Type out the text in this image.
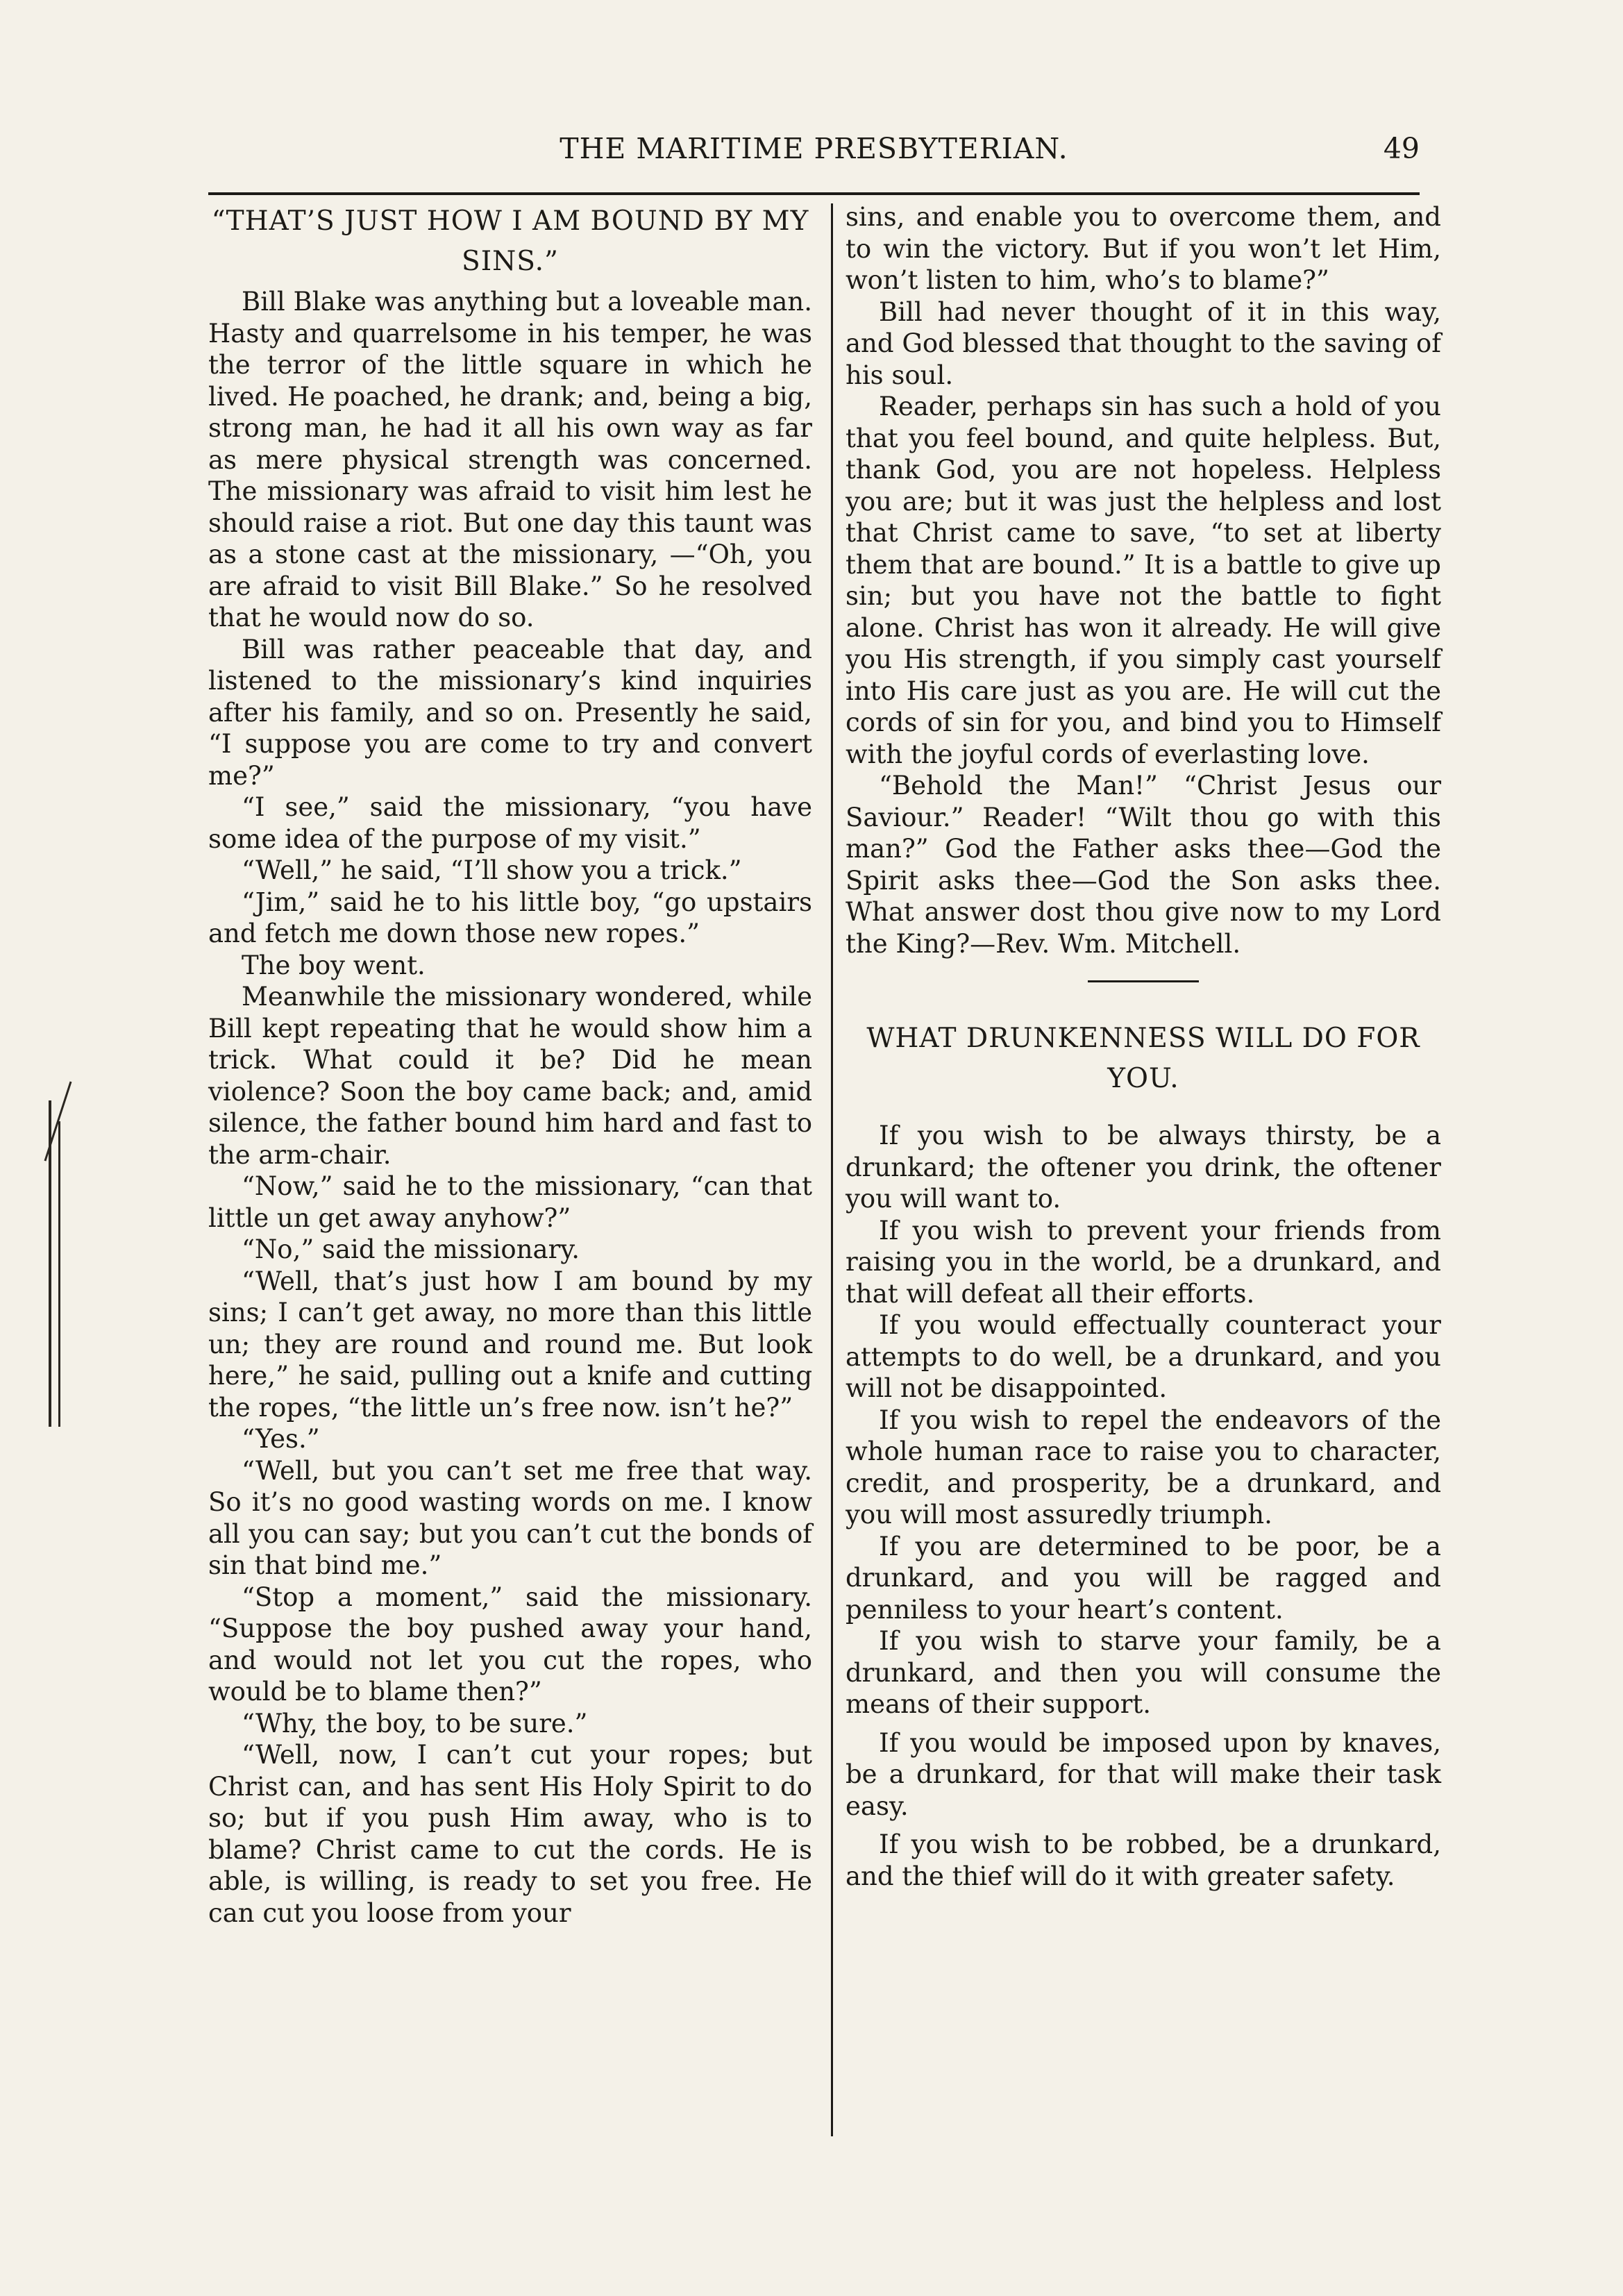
THE MARITIME PRESBYTERIAN.	49
“THAT’S JUST HOW I AM BOUND BY MY SINS.”

Bill Blake was anything but a loveable man. Hasty and quarrelsome in his temper, he was the terror of the little square in which he lived. He poached, he drank; and, being a big, strong man, he had it all his own way as far as mere physical strength was concerned. The missionary was afraid to visit him lest he should raise a riot. But one day this taunt was as a stone cast at the missionary, —“Oh, you are afraid to visit Bill Blake.” So he resolved that he would now do so.

Bill was rather peaceable that day, and listened to the missionary’s kind inquiries after his family, and so on. Presently he said, “I suppose you are come to try and convert me?”

“I see,” said the missionary, “you have some idea of the purpose of my visit.”

“Well,” he said, “I’ll show you a trick.”

“Jim,” said he to his little boy, “go upstairs and fetch me down those new ropes.”

The boy went.

Meanwhile the missionary wondered, while Bill kept repeating that he would show him a trick. What could it be? Did he mean violence? Soon the boy came back; and, amid silence, the father bound him hard and fast to the arm-chair.

“Now,” said he to the missionary, “can that little un get away anyhow?”

“No,” said the missionary.

“Well, that’s just how I am bound by my sins; I can’t get away, no more than this little un; they are round and round me. But look here,” he said, pulling out a knife and cutting the ropes, “the little un’s free now. isn’t he?”

“Yes.”

“Well, but you can’t set me free that way. So it’s no good wasting words on me. I know all you can say; but you can’t cut the bonds of sin that bind me.”

“Stop a moment,” said the missionary. “Suppose the boy pushed away your hand, and would not let you cut the ropes, who would be to blame then?”

“Why, the boy, to be sure.”

“Well, now, I can’t cut your ropes; but Christ can, and has sent His Holy Spirit to do so; but if you push Him away, who is to blame? Christ came to cut the cords. He is able, is willing, is ready to set you free. He can cut you loose from your

sins, and enable you to overcome them, and to win the victory. But if you won’t let Him, won’t listen to him, who’s to blame?”

Bill had never thought of it in this way, and God blessed that thought to the saving of his soul.

Reader, perhaps sin has such a hold of you that you feel bound, and quite helpless. But, thank God, you are not hopeless. Helpless you are; but it was just the helpless and lost that Christ came to save, “to set at liberty them that are bound.” It is a battle to give up sin; but you have not the battle to fight alone. Christ has won it already. He will give you His strength, if you simply cast yourself into His care just as you are. He will cut the cords of sin for you, and bind you to Himself with the joyful cords of everlasting love.

“Behold the Man!” “Christ Jesus our Saviour.” Reader! “Wilt thou go with this man?” God the Father asks thee—God the Spirit asks thee—God the Son asks thee. What answer dost thou give now to my Lord the King?—Rev. Wm. Mitchell.

WHAT DRUNKENNESS WILL DO FOR YOU.

If you wish to be always thirsty, be a drunkard; the oftener you drink, the oftener you will want to.

If you wish to prevent your friends from raising you in the world, be a drunkard, and that will defeat all their efforts.

If you would effectually counteract your attempts to do well, be a drunkard, and you will not be disappointed.

If you wish to repel the endeavors of the whole human race to raise you to character, credit, and prosperity, be a drunkard, and you will most assuredly triumph.

If you are determined to be poor, be a drunkard, and you will be ragged and penniless to your heart’s content.

If you wish to starve your family, be a drunkard, and then you will consume the means of their support.

If you would be imposed upon by knaves, be a drunkard, for that will make their task easy.

If you wish to be robbed, be a drunkard, and the thief will do it with greater safety.
